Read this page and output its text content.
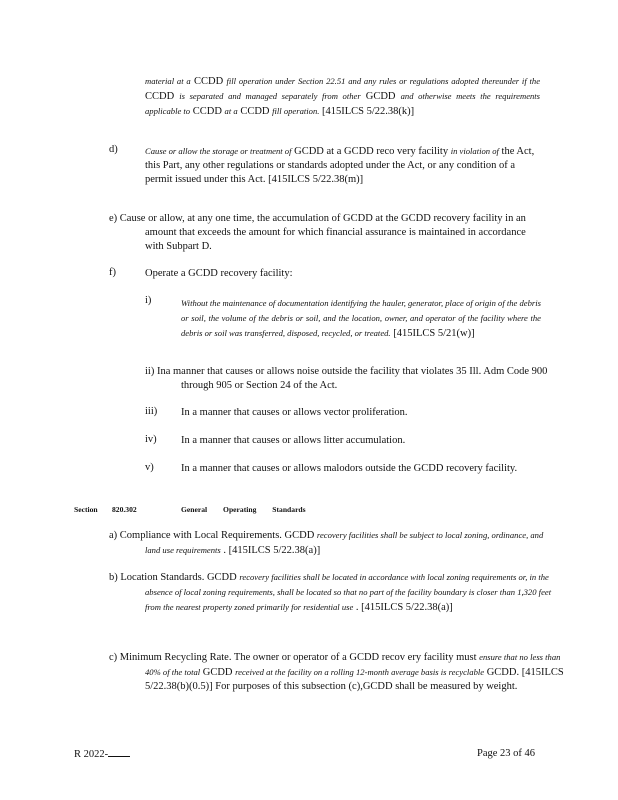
material at a CCDD fill operation under Section 22.51 and any rules or regulations adopted thereunder if the CCDD is separated and managed separately from other GCDD and otherwise meets the requirements applicable to CCDD at a CCDD fill operation. [415ILCS 5/22.38(k)]
d)	Cause or allow the storage or treatment of GCDD at a GCDD reco very facility in violation of the Act, this Part, any other regulations or standards adopted under the Act, or any condition of a permit issued under this Act. [415ILCS 5/22.38(m)]
e) Cause or allow, at any one time, the accumulation of GCDD at the GCDD recovery facility in an amount that exceeds the amount for which financial assurance is maintained in accordance with Subpart D.
f)	Operate a GCDD recovery facility:
i)	Without the maintenance of documentation identifying the hauler, generator, place of origin of the debris or soil, the volume of the debris or soil, and the location, owner, and operator of the facility where the debris or soil was transferred, disposed, recycled, or treated. [415ILCS 5/21(w)]
ii) Ina manner that causes or allows noise outside the facility that violates 35 Ill. Adm Code 900 through 905 or Section 24 of the Act.
iii) In a manner that causes or allows vector proliferation.
iv) In a manner that causes or allows litter accumulation.
v)	In a manner that causes or allows malodors outside the GCDD recovery facility.
Section 820.302	General Operating Standards
a) Compliance with Local Requirements. GCDD recovery facilities shall be subject to local zoning, ordinance, and land use requirements . [415ILCS 5/22.38(a)]
b) Location Standards. GCDD recovery facilities shall be located in accordance with local zoning requirements or, in the absence of local zoning requirements, shall be located so that no part of the facility boundary is closer than 1,320 feet from the nearest property zoned primarily for residential use . [415ILCS 5/22.38(a)]
c) Minimum Recycling Rate. The owner or operator of a GCDD recov ery facility must ensure that no less than 40% of the total GCDD received at the facility on a rolling 12-month average basis is recyclable GCDD. [415ILCS 5/22.38(b)(0.5)] For purposes of this subsection (c),GCDD shall be measured by weight.
R 2022-	Page 23 of 46
